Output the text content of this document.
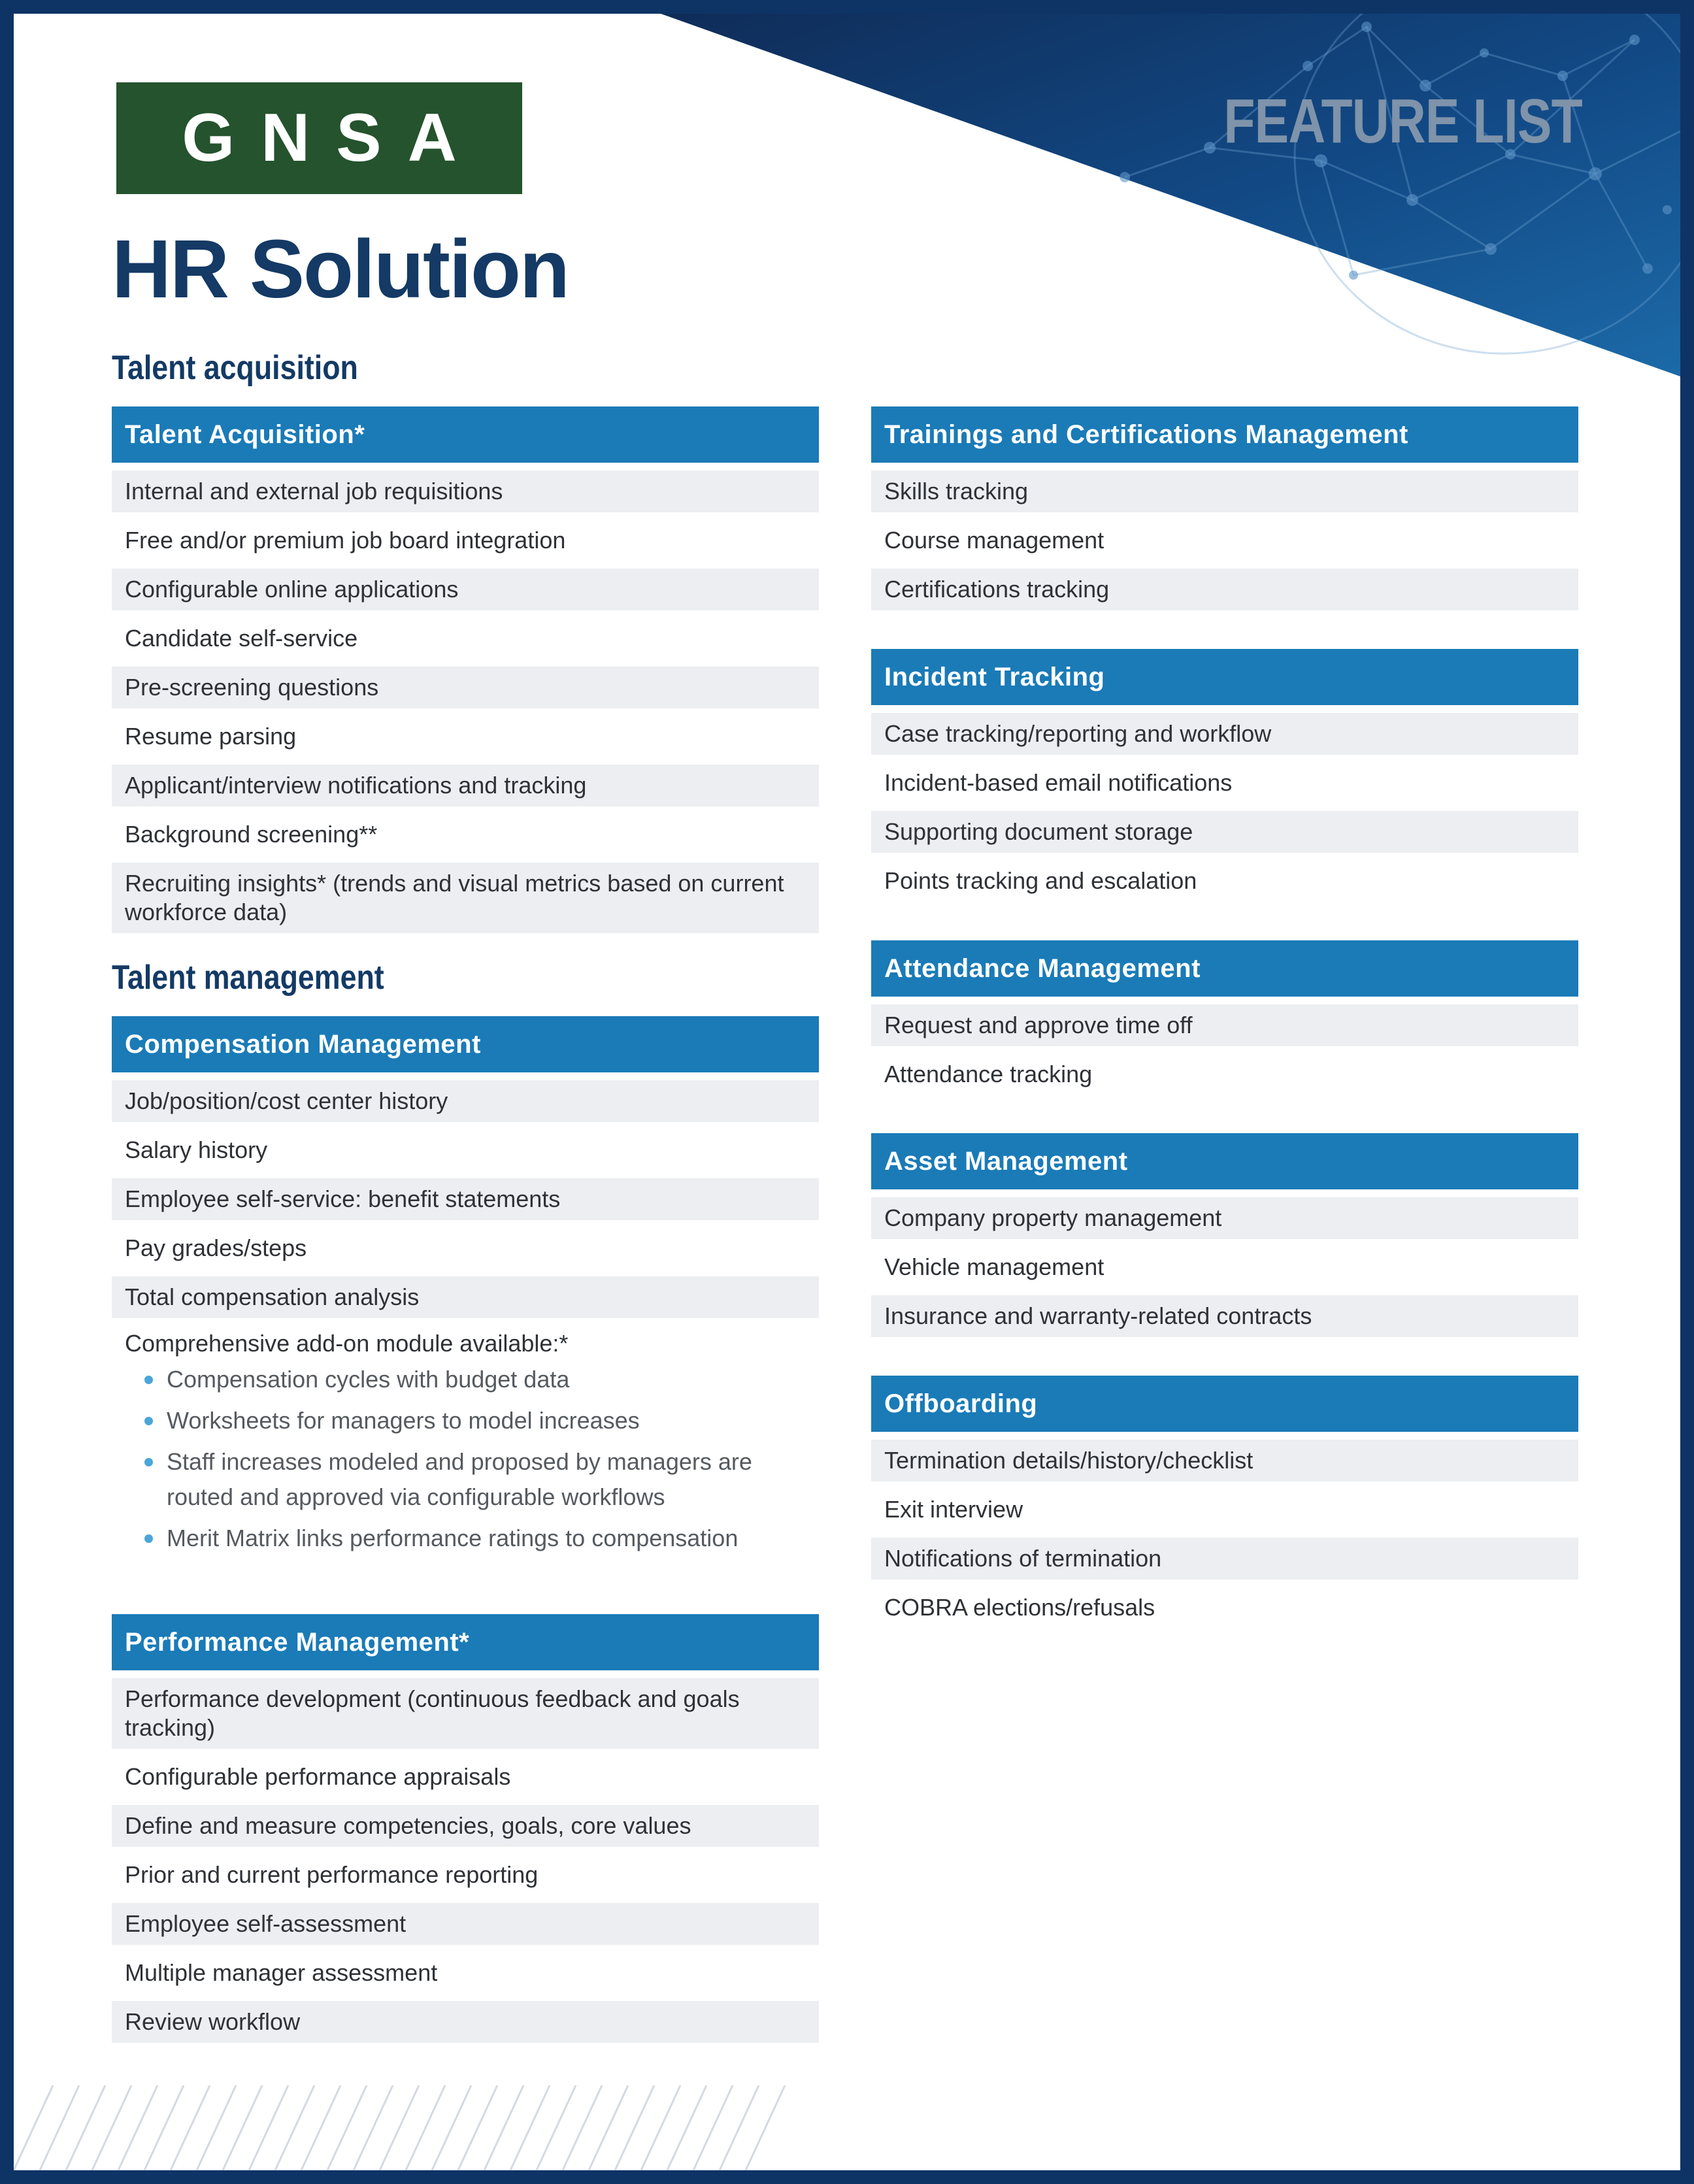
FEATURE LIST
GNSA
HR Solution
Talent acquisition
Talent management
Talent Acquisition*
Internal and external job requisitions
Free and/or premium job board integration
Configurable online applications
Candidate self-service
Pre-screening questions
Resume parsing
Applicant/interview notifications and tracking
Background screening**
Recruiting insights* (trends and visual metrics based on current workforce data)
Compensation Management
Job/position/cost center history
Salary history
Employee self-service: benefit statements
Pay grades/steps
Total compensation analysis
Comprehensive add-on module available:*
Compensation cycles with budget data
Worksheets for managers to model increases
Staff increases modeled and proposed by managers are routed and approved via configurable workflows
Merit Matrix links performance ratings to compensation
Performance Management*
Performance development (continuous feedback and goals tracking)
Configurable performance appraisals
Define and measure competencies, goals, core values
Prior and current performance reporting
Employee self-assessment
Multiple manager assessment
Review workflow
Trainings and Certifications Management
Skills tracking
Course management
Certifications tracking
Incident Tracking
Case tracking/reporting and workflow
Incident-based email notifications
Supporting document storage
Points tracking and escalation
Attendance Management
Request and approve time off
Attendance tracking
Asset Management
Company property management
Vehicle management
Insurance and warranty-related contracts
Offboarding
Termination details/history/checklist
Exit interview
Notifications of termination
COBRA elections/refusals
